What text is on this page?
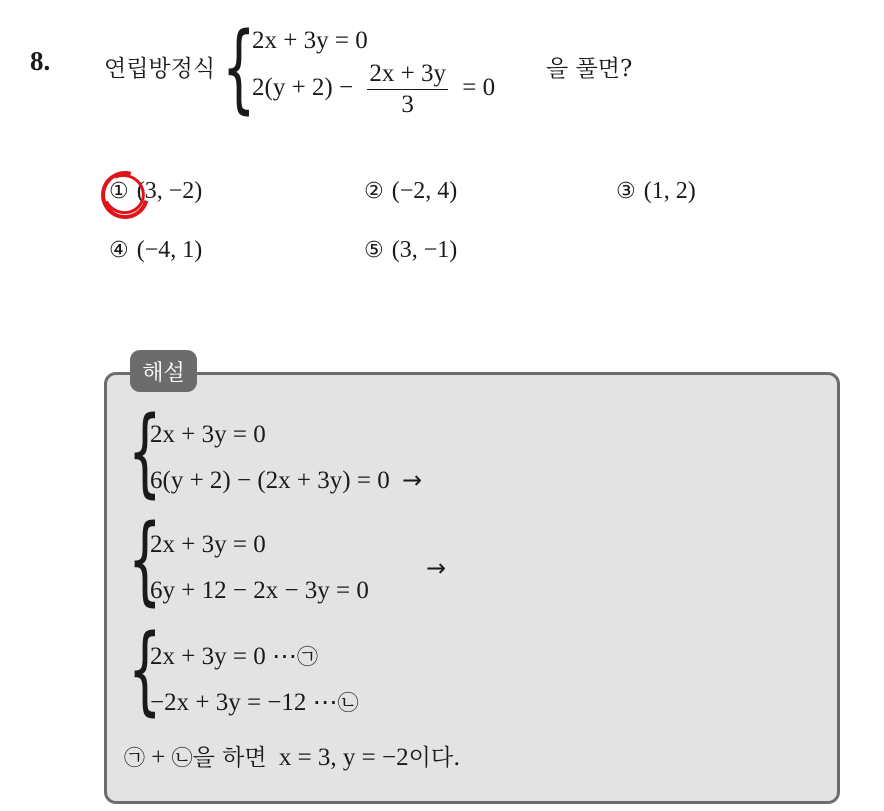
8. 연립방정식 {
2x + 3y = 0
$2(y + 2) - \frac{2x + 3y}{3} = 0$
을 풀면?
① (3, −2)	② (−2, 4)	③ (1, 2)
④ (−4, 1)	⑤ (3, −1)
해설
{
2x + 3y = 0
6(y + 2) − (2x + 3y) = 0 →
{
2x + 3y = 0
6y + 12 − 2x − 3y = 0
→
{
2x + 3y = 0 ⋯㉠
−2x + 3y = −12 ⋯㉡
㉠ + ㉡을 하면 x = 3, y = −2이다.
